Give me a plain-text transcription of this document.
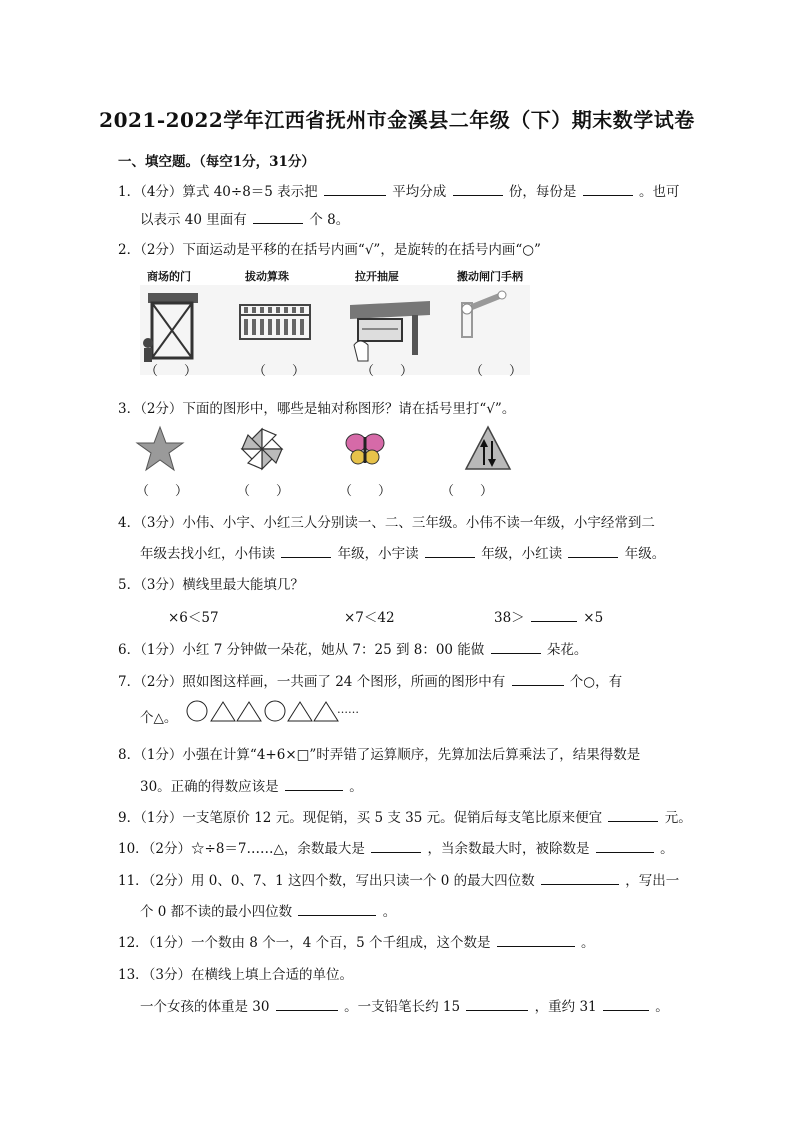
2021-2022学年江西省抚州市金溪县二年级（下）期末数学试卷
一、填空题。（每空1分，31分）
1．（4分）算式 40÷8＝5 表示把	平均分成	份，每份是	。也可
以表示 40 里面有	个 8。
2．（2分）下面运动是平移的在括号内画“√”，是旋转的在括号内画“○”
商场的门	拔动算珠	拉开抽屉	搬动闸门手柄
（　　）	（　　）	（　　）	（　　）
3．（2分）下面的图形中，哪些是轴对称图形？请在括号里打“√”。
（　　）	（　　）	（　　）	（　　）
4．（3分）小伟、小宇、小红三人分别读一、二、三年级。小伟不读一年级，小宇经常到二
年级去找小红，小伟读	年级，小宇读	年级，小红读	年级。
5．（3分）横线里最大能填几？
×6＜57	×7＜42	38＞	×5
6．（1分）小红 7 分钟做一朵花，她从 7：25 到 8：00 能做	朵花。
7．（2分）照如图这样画，一共画了 24 个图形，所画的图形中有	个○，有
个△。
……
8．（1分）小强在计算“4+6×□”时弄错了运算顺序，先算加法后算乘法了，结果得数是
30。正确的得数应该是	。
9．（1分）一支笔原价 12 元。现促销，买 5 支 35 元。促销后每支笔比原来便宜	元。
10．（2分）☆÷8＝7……△，余数最大是	，当余数最大时，被除数是	。
11．（2分）用 0、0、7、1 这四个数，写出只读一个 0 的最大四位数	，写出一
个 0 都不读的最小四位数	。
12．（1分）一个数由 8 个一，4 个百，5 个千组成，这个数是	。
13．（3分）在横线上填上合适的单位。
一个女孩的体重是 30	。一支铅笔长约 15	，重约 31	。
